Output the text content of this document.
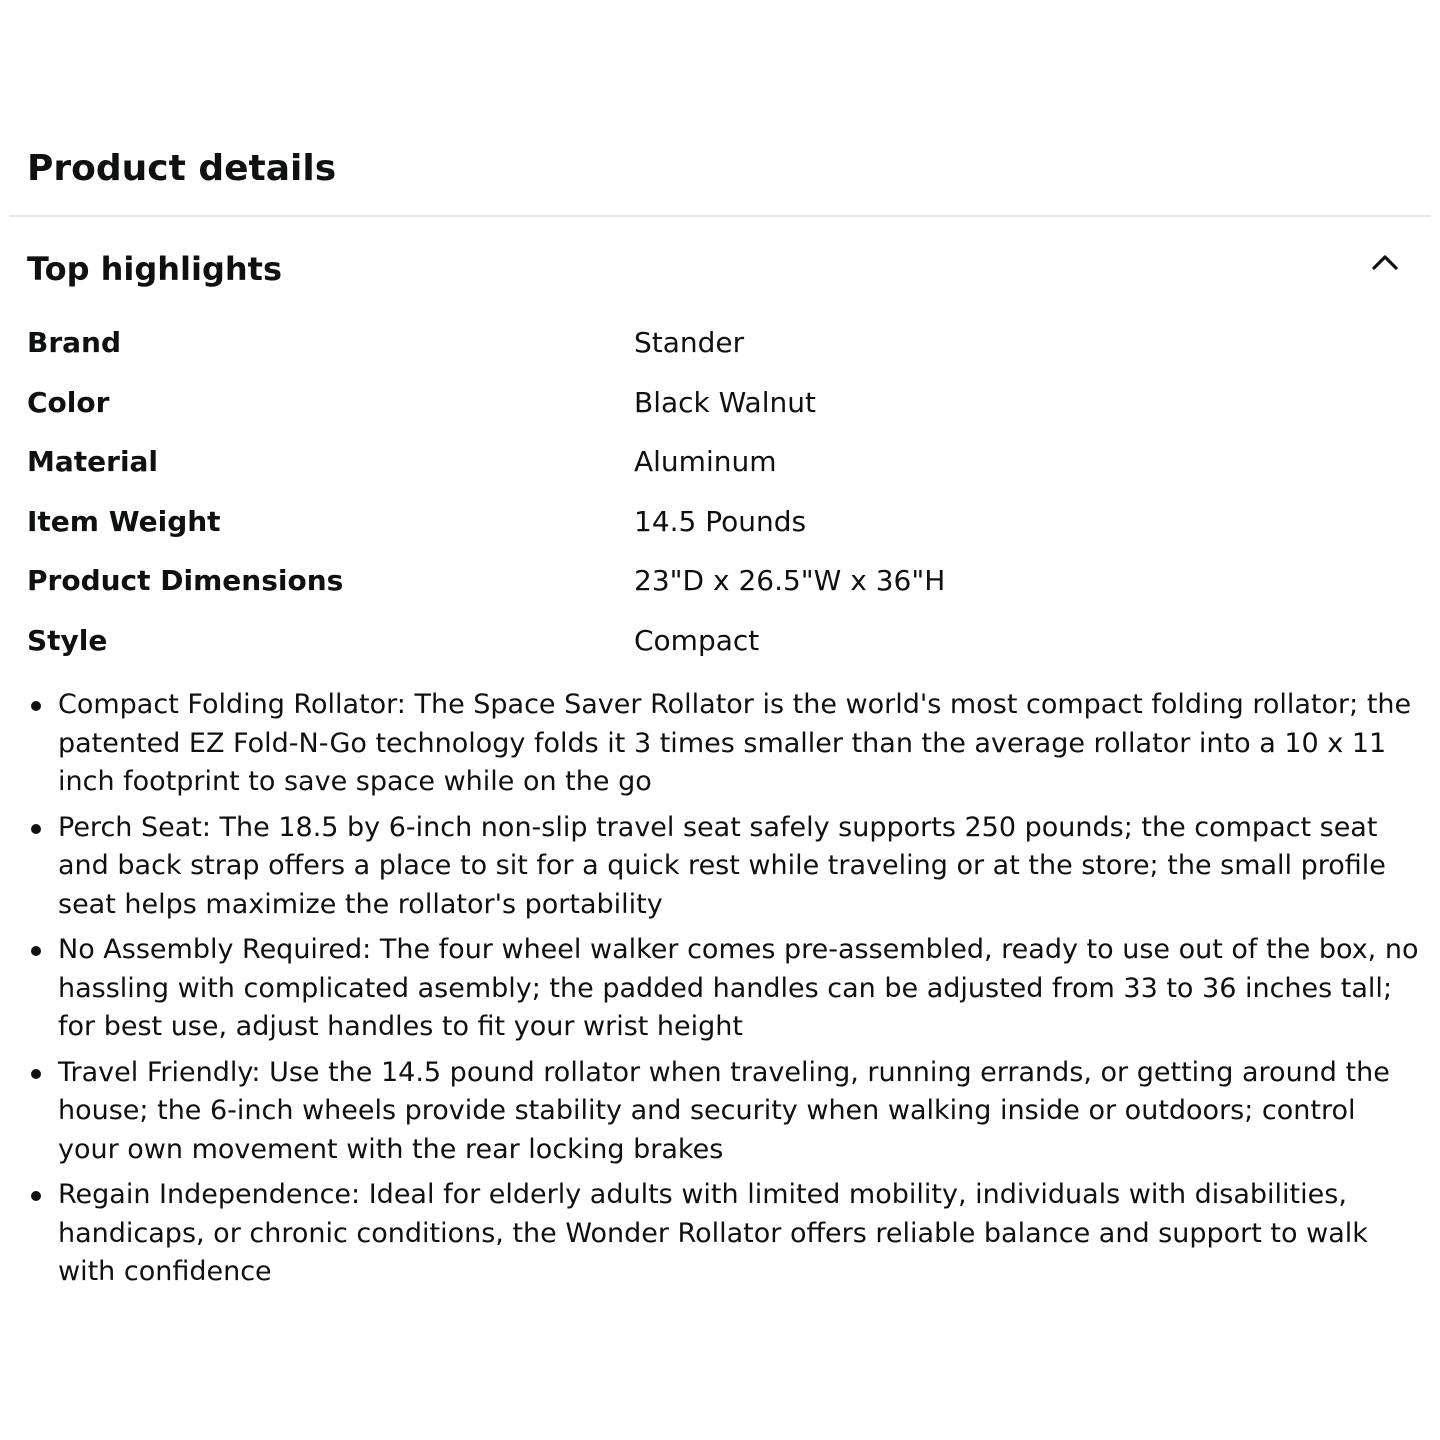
Product details
Top highlights
Brand	Stander
Color	Black Walnut
Material	Aluminum
Item Weight	14.5 Pounds
Product Dimensions	23"D x 26.5"W x 36"H
Style	Compact
Compact Folding Rollator: The Space Saver Rollator is the world's most compact folding rollator; the patented EZ Fold-N-Go technology folds it 3 times smaller than the average rollator into a 10 x 11 inch footprint to save space while on the go
Perch Seat: The 18.5 by 6-inch non-slip travel seat safely supports 250 pounds; the compact seat and back strap offers a place to sit for a quick rest while traveling or at the store; the small profile seat helps maximize the rollator's portability
No Assembly Required: The four wheel walker comes pre-assembled, ready to use out of the box, no hassling with complicated asembly; the padded handles can be adjusted from 33 to 36 inches tall; for best use, adjust handles to fit your wrist height
Travel Friendly: Use the 14.5 pound rollator when traveling, running errands, or getting around the house; the 6-inch wheels provide stability and security when walking inside or outdoors; control your own movement with the rear locking brakes
Regain Independence: Ideal for elderly adults with limited mobility, individuals with disabilities, handicaps, or chronic conditions, the Wonder Rollator offers reliable balance and support to walk with confidence
